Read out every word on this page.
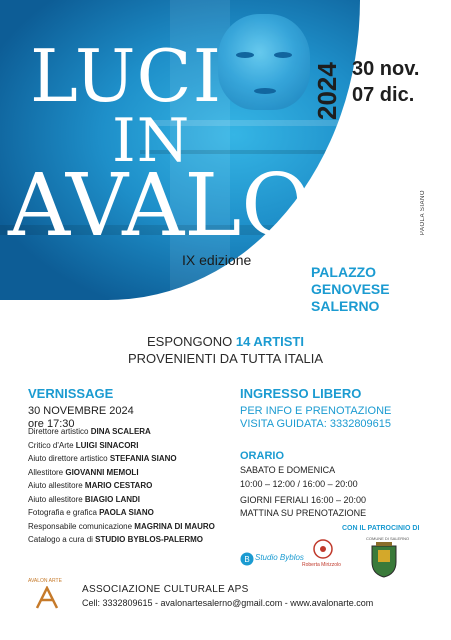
LUCI
IN
AVALON
IX edizione
2024 30 nov.
07 dic.
PAOLA SIANO
PALAZZO
GENOVESE
SALERNO
ESPONGONO 14 ARTISTI
PROVENIENTI DA TUTTA ITALIA
VERNISSAGE
30 NOVEMBRE 2024
ore 17:30
INGRESSO LIBERO
PER INFO E PRENOTAZIONE
VISITA GUIDATA: 3332809615
ORARIO
SABATO E DOMENICA
10:00 – 12:00 / 16:00 – 20:00
GIORNI FERIALI 16:00 – 20:00
MATTINA SU PRENOTAZIONE
Direttore artistico DINA SCALERA
Critico d'Arte LUIGI SINACORI
Aiuto direttore artistico STEFANIA SIANO
Allestitore GIOVANNI MEMOLI
Aiuto allestitore MARIO CESTARO
Aiuto allestitore BIAGIO LANDI
Fotografia e grafica PAOLA SIANO
Responsabile comunicazione MAGRINA DI MAURO
Catalogo a cura di STUDIO BYBLOS-PALERMO
CON IL PATROCINIO DI
B Studio Byblos
Roberta Mirizzolo
COMUNE DI SALERNO
AVALON ARTE
ASSOCIAZIONE CULTURALE APS
Cell: 3332809615 - avalonartesalerno@gmail.com - www.avalonarte.com
